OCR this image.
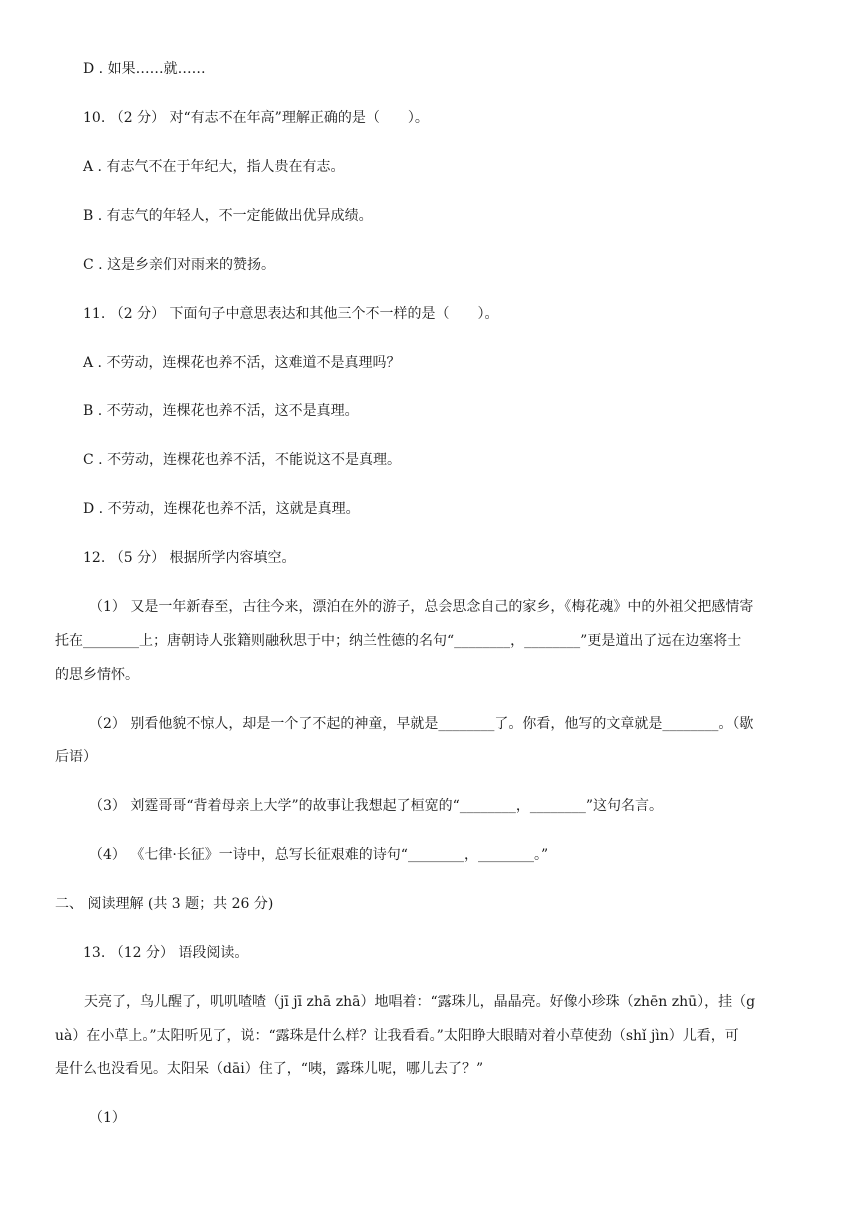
D . 如果……就……
10. （2 分） 对“有志不在年高”理解正确的是（　　）。
A . 有志气不在于年纪大，指人贵在有志。
B . 有志气的年轻人，不一定能做出优异成绩。
C . 这是乡亲们对雨来的赞扬。
11. （2 分） 下面句子中意思表达和其他三个不一样的是（　　）。
A . 不劳动，连棵花也养不活，这难道不是真理吗？
B . 不劳动，连棵花也养不活，这不是真理。
C . 不劳动，连棵花也养不活，不能说这不是真理。
D . 不劳动，连棵花也养不活，这就是真理。
12. （5 分） 根据所学内容填空。
（1） 又是一年新春至，古往今来，漂泊在外的游子，总会思念自己的家乡，《梅花魂》中的外祖父把感情寄
托在________上；唐朝诗人张籍则融秋思于中；纳兰性德的名句“________，________”更是道出了远在边塞将士
的思乡情怀。
（2） 别看他貌不惊人，却是一个了不起的神童，早就是________了。你看，他写的文章就是________。（歇
后语）
（3） 刘霆哥哥“背着母亲上大学”的故事让我想起了桓宽的“________，________”这句名言。
（4） 《七律·长征》一诗中，总写长征艰难的诗句“________，________。”
二、 阅读理解 (共 3 题；共 26 分)
13. （12 分） 语段阅读。
天亮了，鸟儿醒了，叽叽喳喳（jī jī zhā zhā）地唱着：“露珠儿，晶晶亮。好像小珍珠（zhēn zhū），挂（g
uà）在小草上。”太阳听见了，说：“露珠是什么样？让我看看。”太阳睁大眼睛对着小草使劲（shǐ jìn）儿看，可
是什么也没看见。太阳呆（dāi）住了，“咦，露珠儿呢，哪儿去了？”
（1）
